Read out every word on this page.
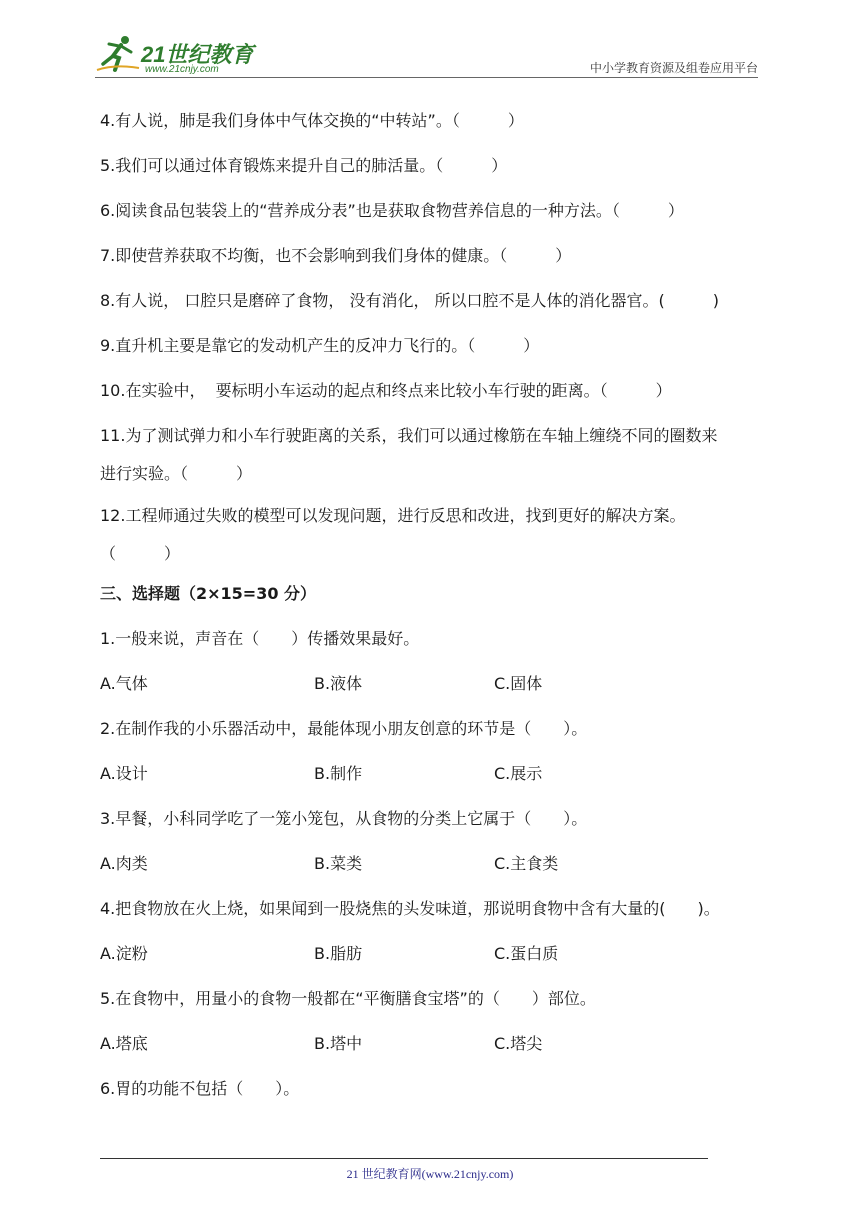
21世纪教育
www.21cnjy.com	中小学教育资源及组卷应用平台
4.有人说，肺是我们身体中气体交换的“中转站”。（　　　）
5.我们可以通过体育锻炼来提升自己的肺活量。（　　　）
6.阅读食品包装袋上的“营养成分表”也是获取食物营养信息的一种方法。（　　　）
7.即使营养获取不均衡，也不会影响到我们身体的健康。（　　　）
8.有人说， 口腔只是磨碎了食物， 没有消化， 所以口腔不是人体的消化器官。(　　　)
9.直升机主要是靠它的发动机产生的反冲力飞行的。（　　　）
10.在实验中，  要标明小车运动的起点和终点来比较小车行驶的距离。（　　　）
11.为了测试弹力和小车行驶距离的关系，我们可以通过橡筋在车轴上缠绕不同的圈数来
进行实验。（　　　）
12.工程师通过失败的模型可以发现问题，进行反思和改进，找到更好的解决方案。
（　　　）
三、选择题（2×15=30 分）
1.一般来说，声音在（　　）传播效果最好。
A.气体	B.液体	C.固体
2.在制作我的小乐器活动中，最能体现小朋友创意的环节是（　　）。
A.设计	B.制作	C.展示
3.早餐，小科同学吃了一笼小笼包，从食物的分类上它属于（　　）。
A.肉类	B.菜类	C.主食类
4.把食物放在火上烧，如果闻到一股烧焦的头发味道，那说明食物中含有大量的(　　)。
A.淀粉	B.脂肪	C.蛋白质
5.在食物中，用量小的食物一般都在“平衡膳食宝塔”的（　　）部位。
A.塔底	B.塔中	C.塔尖
6.胃的功能不包括（　　）。
21 世纪教育网(www.21cnjy.com)
